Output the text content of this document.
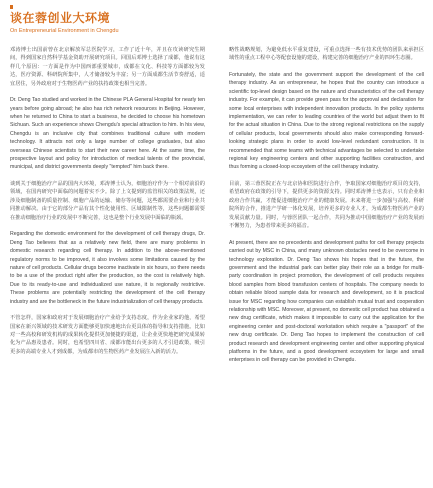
谈在蓉创业大环境
On Entrepreneurial Environment in Chengdu

邓涛博士出国前曾在北京解放军总医院学习，工作了近十年，并且在攻读研究生期间，得到国家自然科学基金资助开展研究项目。回国后邓博士选择了成都，他说有这样几个原因：一方面是作为中国西部重要城市，成都在文化、科技等方面都较为发达，医疗资源、科研院所集中，人才储备较为丰富；另一方面成都生活节奏舒适，适宜居住，另外政府对于生物医药产业的扶持政策也相当完善。

Dr. Deng Tao studied and worked in the Chinese PLA General Hospital for nearly ten years before going abroad; he also has rich network resources in Beijing. However, when he returned to China to start a business, he decided to choose his hometown Sichuan. Such an experience shows Chengdu's special attraction to him. In his view, Chengdu is an inclusive city that combines traditional culture with modern technology. It attracts not only a large number of college graduates, but also overseas Chinese scientists to start their new career here. At the same time, the prospective layout and policy for introduction of medical talents of the provincial, municipal, and district governments deeply "tempted" him back there.

谈到关于细胞治疗产品的国内大环境，邓涛博士认为，细胞治疗作为一个相对前沿的领域，在国内研究中面临的问题着实不少。除了上文提到的监管相关的政策法规，还涉及细胞制备的质量控制、细胞产品的运输、储存等问题，这些都需要企业和行业共同推动解决。由于它的部分产品有其个性化使用性、区域限制性等，这些问题都需要在推动细胞治疗行业的发展中不断完善，这也是整个行业发展中面临的瓶颈。

Regarding the domestic environment for the development of cell therapy drugs, Dr. Deng Tao believes that as a relatively new field, there are many problems in domestic research regarding cell therapy. In addition to the above-mentioned regulatory norms to be improved, it also involves some limitations caused by the nature of cell products. Cellular drugs become inactivate in six hours, so there needs to be a use of the product right after the production, so the cost is relatively high. Due to its ready-to-use and individualized use nature, it is regionally restrictive. These problems are potentially restricting the development of the cell therapy industry and are the bottleneck in the future industrialization of cell therapy products.

不管怎样，国家和政府对于发展细胞治疗产业给予支持态度，作为企业家的他，希望国家在新兴领域的技术研发方面能够更加快速地出台更具体的指导和支持措施。比如对一些高校和研发机构的成果转化提供更加便捷的渠道，让企业更快地把研究成果转化为产品惠及患者。同时，也希望四川省、成都市能出台更多的人才引进政策，吸引更多的高端专业人才到成都，为成都市的生物医药产业发展注入新的活力。

略性战略规划，为避免低水平重复建设，可重点选择一些有技术优势的团队来承担区域性的重点工程中心等配套设施的建设，构建完善的细胞治疗产业的四环生态圈。

Fortunately, the state and the government support the development of the cell therapy industry. As an entrepreneur, he hopes that the country can introduce a scientific top-level design based on the nature and characteristics of the cell therapy industry. For example, it can provide green pass for the approval and declaration for some local enterprises with independent innovation products. In the policy systems implementation, we can refer to leading countries of the world but adjust them to fit for the actual situation in China. Due to the strong regional restrictions on the supply of cellular products, local governments should also make corresponding forward-looking strategic plans in order to avoid low-level redundant construction. It is recommended that some teams with technical advantages be selected to undertake regional key engineering centers and other supporting facilities construction, and thus forming a closed-loop ecosystem of the cell therapy industry.

目前，第三蓉医院正在与北京协和医院进行合作，争取国家对细胞治疗项目的支持，希望政府在政策的引导下，提供更多的资源支持。同时邓涛博士也表示，只有企业和政府合作共赢，才能促进细胞治疗产业的健康发展。未来将进一步加强与高校、科研院所的合作，推进产学研一体化发展，培养更多的专业人才，为成都生物医药产业的发展贡献力量。同时，与蓉医团队一起合作，共同为推动中国细胞治疗产业的发展而不懈努力，为患者带来更多的福音。

At present, there are no precedents and development paths for cell therapy projects carried out by MSC in China, and many unknown obstacles need to be overcome in technology exploration. Dr. Deng Tao shows his hopes that in the future, the government and the industrial park can better play their role as a bridge for multi-party coordination in project promotion, the development of cell products requires blood samples from blood transfusion centers of hospitals. The company needs to obtain reliable blood sample data for research and development, so it is practical issue for MSC regarding how companies can establish mutual trust and cooperation relationship with MSC. Moreover, at present, no domestic cell product has obtained a new drug certificate, which makes it impossible to carry out the application for the engineering center and post-doctoral workstation which require a "passport" of the new drug certificate. Dr. Deng Tao hopes to implement the construction of cell product research and development engineering center and other supporting physical platforms in the future, and a good development ecosystem for large and small enterprises in cell therapy can be provided in Chengdu.
